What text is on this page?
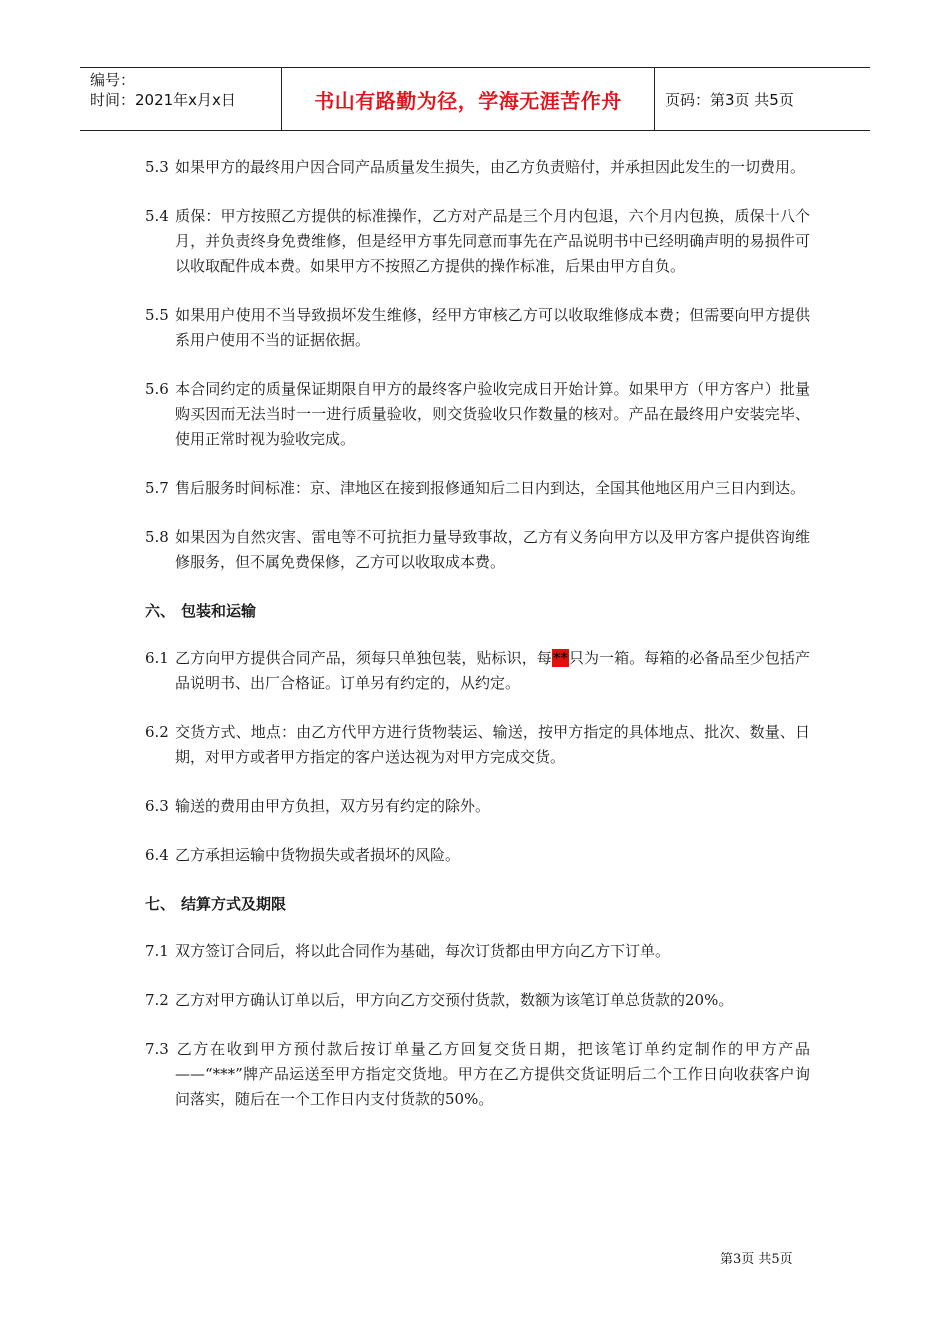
编号：
时间：2021年x月x日	书山有路勤为径，学海无涯苦作舟	页码：第3页 共5页
5.3 如果甲方的最终用户因合同产品质量发生损失，由乙方负责赔付，并承担因此发生的一切费用。
5.4 质保：甲方按照乙方提供的标准操作，乙方对产品是三个月内包退，六个月内包换，质保十八个月，并负责终身免费维修，但是经甲方事先同意而事先在产品说明书中已经明确声明的易损件可以收取配件成本费。如果甲方不按照乙方提供的操作标准，后果由甲方自负。
5.5 如果用户使用不当导致损坏发生维修，经甲方审核乙方可以收取维修成本费；但需要向甲方提供系用户使用不当的证据依据。
5.6 本合同约定的质量保证期限自甲方的最终客户验收完成日开始计算。如果甲方（甲方客户）批量购买因而无法当时一一进行质量验收，则交货验收只作数量的核对。产品在最终用户安装完毕、使用正常时视为验收完成。
5.7 售后服务时间标准：京、津地区在接到报修通知后二日内到达，全国其他地区用户三日内到达。
5.8 如果因为自然灾害、雷电等不可抗拒力量导致事故，乙方有义务向甲方以及甲方客户提供咨询维修服务，但不属免费保修，乙方可以收取成本费。
六、 包装和运输
6.1 乙方向甲方提供合同产品，须每只单独包装，贴标识，每**只为一箱。每箱的必备品至少包括产品说明书、出厂合格证。订单另有约定的，从约定。
6.2 交货方式、地点：由乙方代甲方进行货物装运、输送，按甲方指定的具体地点、批次、数量、日期，对甲方或者甲方指定的客户送达视为对甲方完成交货。
6.3 输送的费用由甲方负担，双方另有约定的除外。
6.4 乙方承担运输中货物损失或者损坏的风险。
七、 结算方式及期限
7.1 双方签订合同后，将以此合同作为基础，每次订货都由甲方向乙方下订单。
7.2 乙方对甲方确认订单以后，甲方向乙方交预付货款，数额为该笔订单总货款的20%。
7.3 乙方在收到甲方预付款后按订单量乙方回复交货日期，把该笔订单约定制作的甲方产品——“***”牌产品运送至甲方指定交货地。甲方在乙方提供交货证明后二个工作日向收获客户询问落实，随后在一个工作日内支付货款的50%。
第3页 共5页
